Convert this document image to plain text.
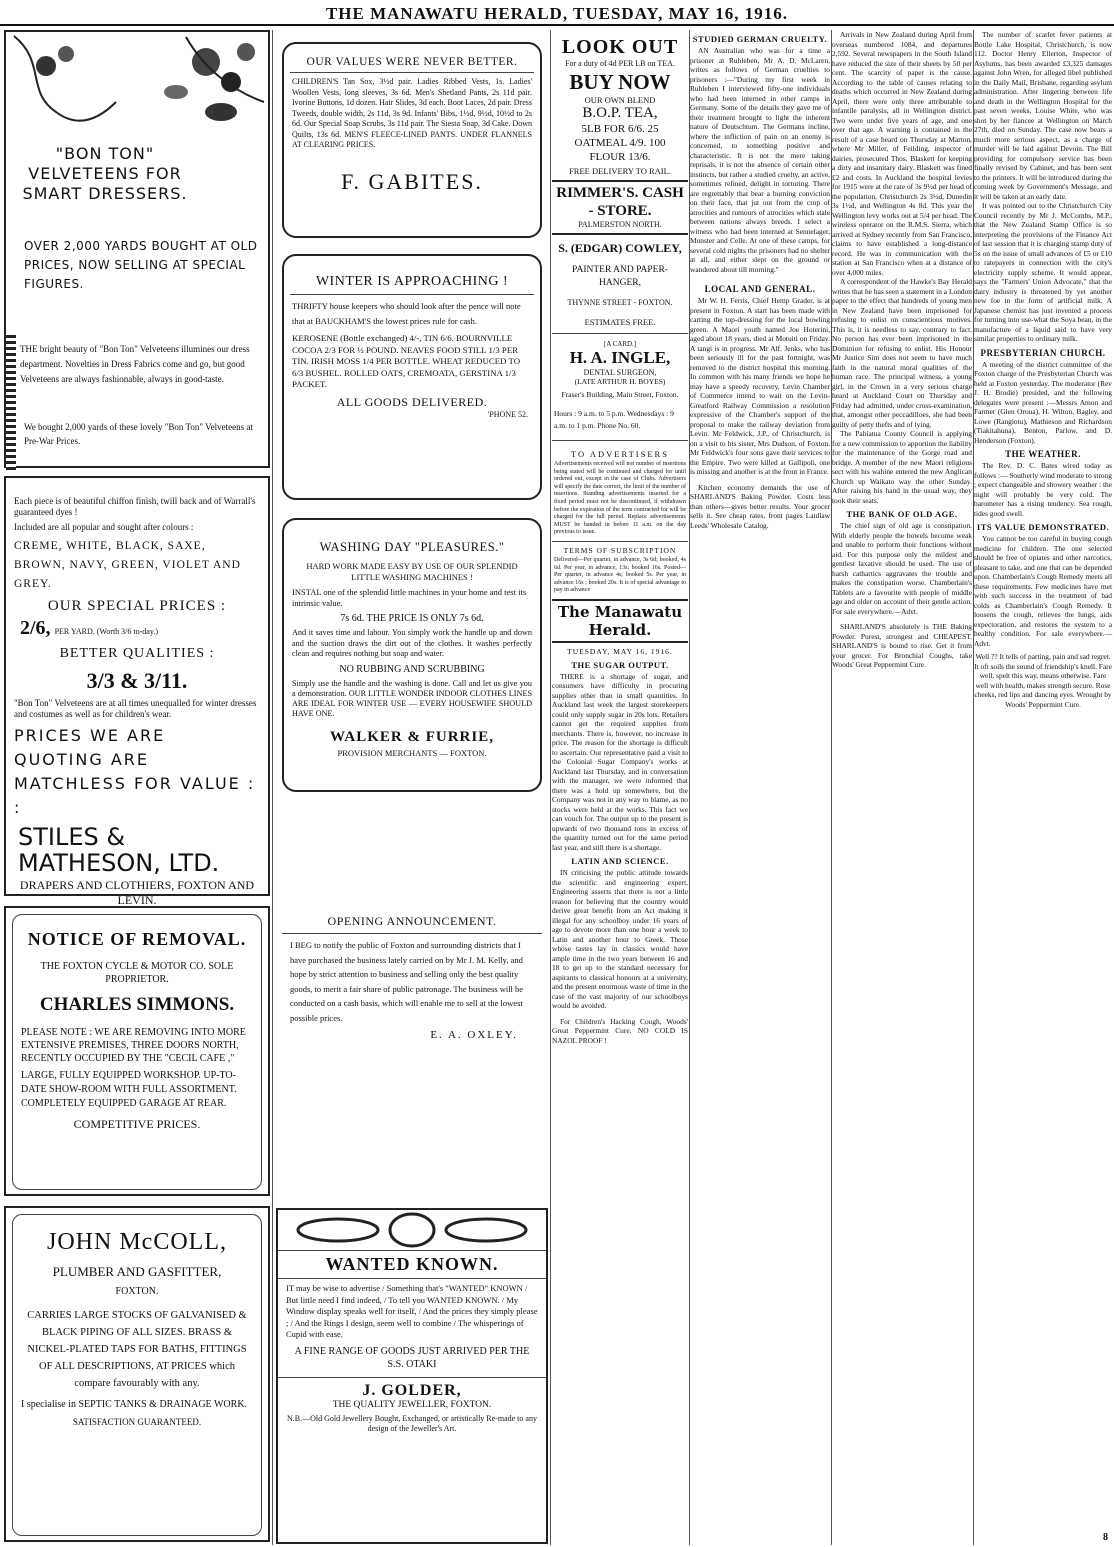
THE MANAWATU HERALD, TUESDAY, MAY 16, 1916.
"BON TON" VELVETEENS FOR SMART DRESSERS.
OVER 2,000 YARDS BOUGHT AT OLD PRICES, NOW SELLING AT SPECIAL FIGURES.
THE bright beauty of "Bon Ton" Velveteens illumines our dress department. Novelties in Dress Fabrics come and go, but good Velveteens are always fashionable, always in good-taste.
We bought 2,000 yards of these lovely "Bon Ton" Velveteens at Pre-War Prices.
Each piece is of beautiful chiffon finish, twill back and of Warrall's guaranteed dyes !
Included are all popular and sought after colours :
CREME, WHITE, BLACK, SAXE, BROWN, NAVY, GREEN, VIOLET AND GREY.
OUR SPECIAL PRICES :
2/6, PER YARD. (Worth 3/6 to-day.)
BETTER QUALITIES :
3/3 & 3/11.
"Bon Ton" Velveteens are at all times unequalled for winter dresses and costumes as well as for children's wear.
PRICES WE ARE QUOTING ARE MATCHLESS FOR VALUE : :
STILES & MATHESON, LTD.
DRAPERS AND CLOTHIERS, FOXTON AND LEVIN.
NOTICE OF REMOVAL.
THE FOXTON CYCLE & MOTOR CO. SOLE PROPRIETOR.
CHARLES SIMMONS.
PLEASE NOTE : WE ARE REMOVING INTO MORE EXTENSIVE PREMISES, THREE DOORS NORTH, RECENTLY OCCUPIED BY THE "CECIL CAFE ,"
LARGE, FULLY EQUIPPED WORKSHOP. UP-TO-DATE SHOW-ROOM WITH FULL ASSORTMENT. COMPLETELY EQUIPPED GARAGE AT REAR.
COMPETITIVE PRICES.
JOHN McCOLL,
PLUMBER AND GASFITTER,
FOXTON.
CARRIES LARGE STOCKS OF GALVANISED & BLACK PIPING OF ALL SIZES. BRASS & NICKEL-PLATED TAPS FOR BATHS, FITTINGS OF ALL DESCRIPTIONS, AT PRICES which compare favourably with any.
I specialise in SEPTIC TANKS & DRAINAGE WORK.
SATISFACTION GUARANTEED.
OUR VALUES WERE NEVER BETTER.
CHILDREN'S Tan Sox, 3½d pair. Ladies Ribbed Vests, 1s. Ladies' Woollen Vests, long sleeves, 3s 6d. Men's Shetland Pants, 2s 11d pair. Ivorine Buttons, 1d dozen. Hair Slides, 3d each. Boot Laces, 2d pair. Dress Tweeds, double width, 2s 11d, 3s 9d. Infants' Bibs, 1½d, 9½d, 10½d to 2s 6d. Our Special Soap Scrubs, 3s 11d pair. The Siesta Soap, 3d Cake. Down Quilts, 13s 6d. MEN'S FLEECE-LINED PANTS. UNDER FLANNELS AT CLEARING PRICES.
F. GABITES.
WINTER IS APPROACHING !
THRIFTY house keepers who should look after the pence will note that at BAUCKHAM'S the lowest prices rule for cash.
KEROSENE (Bottle exchanged) 4/-, TIN 6/6. BOURNVILLE COCOA 2/3 FOR ½ POUND. NEAVES FOOD STILL 1/3 PER TIN. IRISH MOSS 1/4 PER BOTTLE. WHEAT REDUCED TO 6/3 BUSHEL. ROLLED OATS, CREMOATA, GERSTINA 1/3 PACKET.
ALL GOODS DELIVERED.
'PHONE 52.
WASHING DAY "PLEASURES."
HARD WORK MADE EASY BY USE OF OUR SPLENDID LITTLE WASHING MACHINES !
INSTAL one of the splendid little machines in your home and test its intrinsic value.
7s 6d. THE PRICE IS ONLY 7s 6d.
And it saves time and labour. You simply work the handle up and down and the suction draws the dirt out of the clothes. It washes perfectly clean and requires nothing but soap and water.
NO RUBBING AND SCRUBBING
Simply use the handle and the washing is done. Call and let us give you a demonstration. OUR LITTLE WONDER INDOOR CLOTHES LINES ARE IDEAL FOR WINTER USE — EVERY HOUSEWIFE SHOULD HAVE ONE.
WALKER & FURRIE,
PROVISION MERCHANTS — FOXTON.
OPENING ANNOUNCEMENT.
I BEG to notify the public of Foxton and surrounding districts that I have purchased the business lately carried on by Mr J. M. Kelly, and hope by strict attention to business and selling only the best quality goods, to merit a fair share of public patronage. The business will be conducted on a cash basis, which will enable me to sell at the lowest possible prices.
E. A. OXLEY.
WANTED KNOWN.
IT may be wise to advertise / Something that's "WANTED" KNOWN / But little need I find indeed, / To tell you WANTED KNOWN. / My Window display speaks well for itself, / And the prices they simply please ; / And the Rings I design, seem well to combine / The whisperings of Cupid with ease.
A FINE RANGE OF GOODS JUST ARRIVED PER THE S.S. OTAKI
J. GOLDER,
THE QUALITY JEWELLER, FOXTON.
N.B.—Old Gold Jewellery Bought, Exchanged, or artistically Re-made to any design of the Jeweller's Art.
LOOK OUT
For a duty of 4d PER LB on TEA.
BUY NOW
OUR OWN BLEND
B.O.P. TEA,
5LB FOR 6/6. 25 OATMEAL 4/9. 100 FLOUR 13/6.
FREE DELIVERY TO RAIL.
RIMMER'S. CASH - STORE.
PALMERSTON NORTH.
S. (EDGAR) COWLEY,
PAINTER AND PAPER-HANGER,
THYNNE STREET - FOXTON.
ESTIMATES FREE.
[A CARD.]
H. A. INGLE,
DENTAL SURGEON,
(LATE ARTHUR H. BOYES)
Fraser's Building, Main Street, Foxton.
Hours : 9 a.m. to 5 p.m. Wednesdays : 9 a.m. to 1 p.m. Phone No. 60.
TO ADVERTISERS
Advertisements received will not number of insertions being stated will be continued and charged for until ordered out, except in the case of Clubs. Advertisers will specify the date correct, the limit of the number of insertions. Standing advertisements inserted for a fixed period must not be discontinued, if withdrawn before the expiration of the term contracted for will be charged for the full period. Replace advertisements MUST be handed in before 11 a.m. on the day previous to issue.
TERMS OF SUBSCRIPTION
Delivered—Per quarter, in advance, 3s 6d; booked, 4s 6d. Per year, in advance, 13s; booked 16s. Posted—Per quarter, in advance 4s; booked 5s. Per year, in advance 16s ; booked 20s. It is of special advantage to pay in advance
The Manawatu Herald.
TUESDAY, MAY 16, 1916.
THE SUGAR OUTPUT.

THERE is a shortage of sugar, and consumers have difficulty in procuring supplies other than in small quantities. In Auckland last week the largest storekeepers could only supply sugar in 20s lots. Retailers cannot get the required supplies from merchants. There is, however, no increase in price. The reason for the shortage is difficult to ascertain. Our representative paid a visit to the Colonial Sugar Company's works at Auckland last Thursday, and in conversation with the manager, we were informed that there was a hold up somewhere, but the Company was not in any way to blame, as no stocks were held at the works. This fact we can vouch for. The output up to the present is upwards of two thousand tons in excess of the quantity turned out for the same period last year, and still there is a shortage.

LATIN AND SCIENCE.

IN criticising the public attitude towards the scientific and engineering expert, Engineering asserts that there is not a little reason for believing that the country would derive great benefit from an Act making it illegal for any schoolboy under 16 years of age to devote more than one hour a week to Latin and another hour to Greek. Those whose tastes lay in classics would have ample time in the two years between 16 and 18 to get up to the standard necessary for aspirants to classical honours at a university, and the present enormous waste of time in the case of the vast majority of our schoolboys would be avoided.

For Children's Hacking Cough, Woods' Great Peppermint Cure. NO COLD IS NAZOL PROOF !

STUDIED GERMAN CRUELTY.

AN Australian who was for a time a prisoner at Ruhleben, Mr A. D. McLaren, writes as follows of German cruelties to prisoners :—"During my first week in Ruhleben I interviewed fifty-one individuals who had been interned in other camps in Germany. Some of the details they gave me of their treatment brought to light the inherent nature of Deutschtum. The Germans incline, where the infliction of pain on an enemy is concerned, to something positive and characteristic. It is not the mere taking reprisals, it is not the absence of certain other instincts, but rather a studied cruelty, an active, sometimes refined, delight in torturing. There are regrettably that bear a burning conviction on their face, that jut out from the crop of atrocities and rumours of atrocities which stale between nations always breeds. I select a witness who had been interned at Sennelager, Munster and Celle. At one of these camps, for several cold nights the prisoners had no shelter at all, and either slept on the ground or wandered about till morning."

LOCAL AND GENERAL.

Mr W. H. Ferris, Chief Hemp Grader, is at present in Foxton. A start has been made with carting the top-dressing for the local bowling green. A Maori youth named Joe Hoterini, aged about 18 years, died at Motuiti on Friday. A tangi is in progress. Mr Alf. Jenks, who has been seriously ill for the past fortnight, was removed to the district hospital this morning. In common with his many friends we hope he may have a speedy recovery. Levin Chamber of Commerce intend to wait on the Levin-Greatford Railway Commission a resolution expressive of the Chamber's support of the proposal to make the railway deviation from Levin. Mr Feldwick, J.P., of Christchurch, is on a visit to his sister, Mrs Dudson, of Foxton. Mr Feldwick's four sons gave their services to the Empire. Two were killed at Gallipoli, one is missing and another is at the front in France.

Kitchen economy demands the use of SHARLAND'S Baking Powder. Costs less than others—gives better results. Your grocer sells it. See cheap rates, front pages Laidlaw Leeds' Wholesale Catalog.

Arrivals in New Zealand during April from overseas numbered 1084, and departures 2,592. Several newspapers in the South Island have reduced the size of their sheets by 50 per cent. The scarcity of paper is the cause. According to the table of causes relating to deaths which occurred in New Zealand during April, there were only three attributable to infantile paralysis, all in Wellington district. Two were under five years of age, and one over that age. A warning is contained in the result of a case heard on Thursday at Marton, where Mr Miller, of Feilding, inspector of dairies, prosecuted Thos. Blaskett for keeping a dirty and insanitary dairy. Blaskett was fined £2 and costs. In Auckland the hospital levies for 1915 were at the rate of 3s 9½d per head of the population, Christchurch 2s 3½d, Dunedin 3s 1½d, and Wellington 4s 8d. This year the Wellington levy works out at 5/4 per head. The wireless operator on the R.M.S. Sierra, which arrived at Sydney recently from San Francisco, claims to have established a long-distance record. He was in communication with the station at San Francisco when at a distance of over 4,000 miles.

A correspondent of the Hawke's Bay Herald writes that he has seen a statement in a London paper to the effect that hundreds of young men in New Zealand have been imprisoned for refusing to enlist on conscientious motives. This is, it is needless to say, contrary to fact. No person has ever been imprisoned in the Dominion for refusing to enlist. His Honour Mr Justice Sim does not seem to have much faith in the natural moral qualities of the human race. The principal witness, a young girl, in the Crown in a very serious charge heard at Auckland Court on Thursday and Friday had admitted, under cross-examination, that, amongst other peccadilloes, she had been guilty of petty thefts and of lying.

The Pahiatua County Council is applying for a new commission to apportion the liability for the maintenance of the Gorge road and bridge. A member of the new Maori religious sect with his wahine entered the new Anglican Church up Waikato way the other Sunday. After raising his hand in the usual way, they took their seats.

THE BANK OF OLD AGE.

The chief sign of old age is constipation. With elderly people the bowels become weak and unable to perform their functions without aid. For this purpose only the mildest and gentlest laxative should be used. The use of harsh cathartics aggravates the trouble and makes the constipation worse. Chamberlain's Tablets are a favourite with people of middle age and older on account of their gentle action. For sale everywhere.—Advt.

SHARLAND'S absolutely is THE Baking Powder. Purest, strongest and CHEAPEST. SHARLAND'S is bound to rise. Get it from your grocer. For Bronchial Coughs, take Woods' Great Peppermint Cure.

The number of scarlet fever patients at Bottle Lake Hospital, Christchurch, is now 112. Doctor Henry Ellerton, Inspector of Asylums, has been awarded £3,325 damages against John Wren, for alleged libel published in the Daily Mail, Brisbane, regarding asylum administration. After lingering between life and death in the Wellington Hospital for the past seven weeks, Louise White, who was shot by her fiancee at Wellington on March 27th, died on Sunday. The case now bears a much more serious aspect, as a charge of murder will be laid against Devoin. The Bill providing for compulsory service has been finally revised by Cabinet, and has been sent to the printers. It will be introduced during the coming week by Government's Message, and it will be taken at an early date.

It was pointed out to the Christchurch City Council recently by Mr J. McCombs, M.P., that the New Zealand Stamp Office is so interpreting the provisions of the Finance Act of last session that it is charging stamp duty of 5s on the issue of small advances of £5 or £10 to ratepayers in connection with the city's electricity supply scheme. It would appear, says the "Farmers' Union Advocate," that the dairy industry is threatened by yet another new foe in the form of artificial milk. A Japanese chemist has just invented a process for turning into use-what the Soya bean, in the manufacture of a liquid said to have very similar properties to ordinary milk.

PRESBYTERIAN CHURCH.

A meeting of the district committee of the Foxton charge of the Presbyterian Church was held at Foxton yesterday. The moderator (Rev J. H. Brodie) presided, and the following delegates were present :—Messrs Amon and Farmer (Glen Oroua), H. Wilton, Bagley, and Lowe (Rangiotu), Mathieson and Richardson (Tiakitahuna), Benton, Parlow, and D. Henderson (Foxton).

THE WEATHER.

The Rev. D. C. Bates wired today as follows :— Southerly wind moderate to strong ; expect changeable and showery weather : the night will probably be very cold. The barometer has a rising tendency. Sea rough, tides good swell.

ITS VALUE DEMONSTRATED.

You cannot be too careful in buying cough medicine for children. The one selected should be free of opiates and other narcotics, pleasant to take, and one that can be depended upon. Chamberlain's Cough Remedy meets all these requirements. Few medicines have met with such success in the treatment of bad colds as Chamberlain's Cough Remedy. It loosens the cough, relieves the lungs, aids expectoration, and restores the system to a healthy condition. For sale everywhere.—Advt.

Well ?? It tells of parting, pain and sad regret. It oft soils the sound of friendship's knell. Fare well, spelt this way, means otherwise. Fare well with health, makes strength secure. Rose cheeks, red lips and dancing eyes. Wrought by Woods' Peppermint Cure.

8
